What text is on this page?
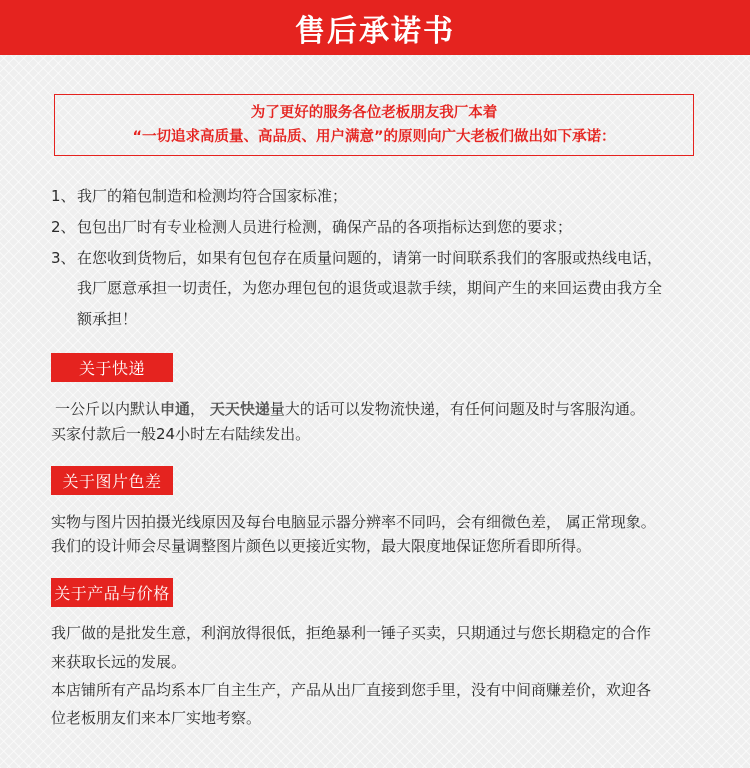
售后承诺书
为了更好的服务各位老板朋友我厂本着
“一切追求高质量、高品质、用户满意”的原则向广大老板们做出如下承诺：
1、 我厂的箱包制造和检测均符合国家标准；
2、 包包出厂时有专业检测人员进行检测，确保产品的各项指标达到您的要求；
3、 在您收到货物后，如果有包包存在质量问题的，请第一时间联系我们的客服或热线电话，
我厂愿意承担一切责任，为您办理包包的退货或退款手续，期间产生的来回运费由我方全
额承担！
关于快递
一公斤以内默认申通， 天天快递量大的话可以发物流快递，有任何问题及时与客服沟通。
买家付款后一般24小时左右陆续发出。
关于图片色差
实物与图片因拍摄光线原因及每台电脑显示器分辨率不同吗，会有细微色差， 属正常现象。
我们的设计师会尽量调整图片颜色以更接近实物，最大限度地保证您所看即所得。
关于产品与价格
我厂做的是批发生意，利润放得很低，拒绝暴利一锤子买卖，只期通过与您长期稳定的合作
来获取长远的发展。
本店铺所有产品均系本厂自主生产，产品从出厂直接到您手里，没有中间商赚差价，欢迎各
位老板朋友们来本厂实地考察。
